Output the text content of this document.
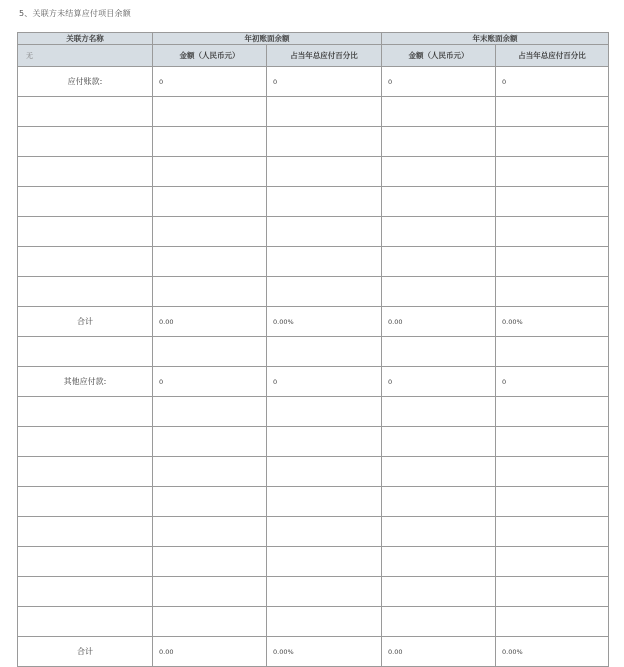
5、关联方未结算应付项目余额
关联方名称	年初账面余额		年末账面余额	
无	金额（人民币元）	占当年总应付百分比	金额（人民币元）	占当年总应付百分比
应付账款:	0	0	0	0

合计	0.00	0.00%	0.00	0.00%

其他应付款:	0	0	0	0

合计	0.00	0.00%	0.00	0.00%
